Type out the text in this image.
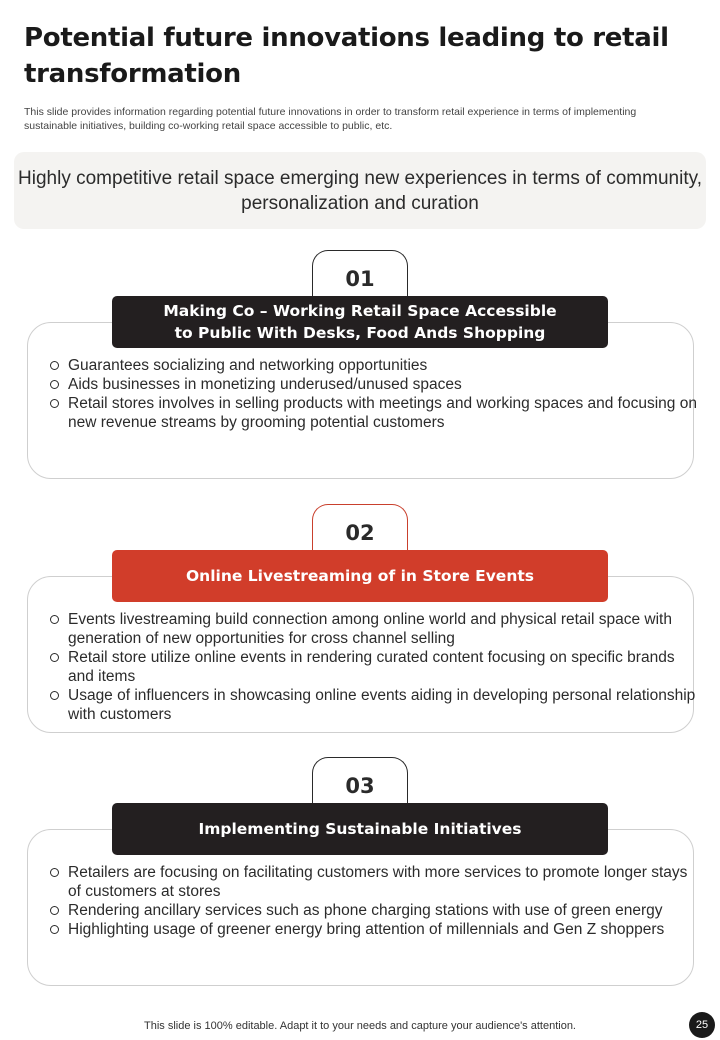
Potential future innovations leading to retail transformation

This slide provides information regarding potential future innovations in order to transform retail experience in terms of implementing sustainable initiatives, building co-working retail space accessible to public, etc.

Highly competitive retail space emerging new experiences in terms of community, personalization and curation
01
Making Co – Working Retail Space Accessible to Public With Desks, Food Ands Shopping
Guarantees socializing and networking opportunities
Aids businesses in monetizing underused/unused spaces
Retail stores involves in selling products with meetings and working spaces and focusing on new revenue streams by grooming potential customers
02
Online Livestreaming of in Store Events
Events livestreaming build connection among online world and physical retail space with generation of new opportunities for cross channel selling
Retail store utilize online events in rendering curated content focusing on specific brands and items
Usage of influencers in showcasing online events aiding in developing personal relationship with customers
03
Implementing Sustainable Initiatives
Retailers are focusing on facilitating customers with more services to promote longer stays of customers at stores
Rendering ancillary services such as phone charging stations with use of green energy
Highlighting usage of greener energy bring attention of millennials and Gen Z shoppers
This slide is 100% editable. Adapt it to your needs and capture your audience's attention.	25
